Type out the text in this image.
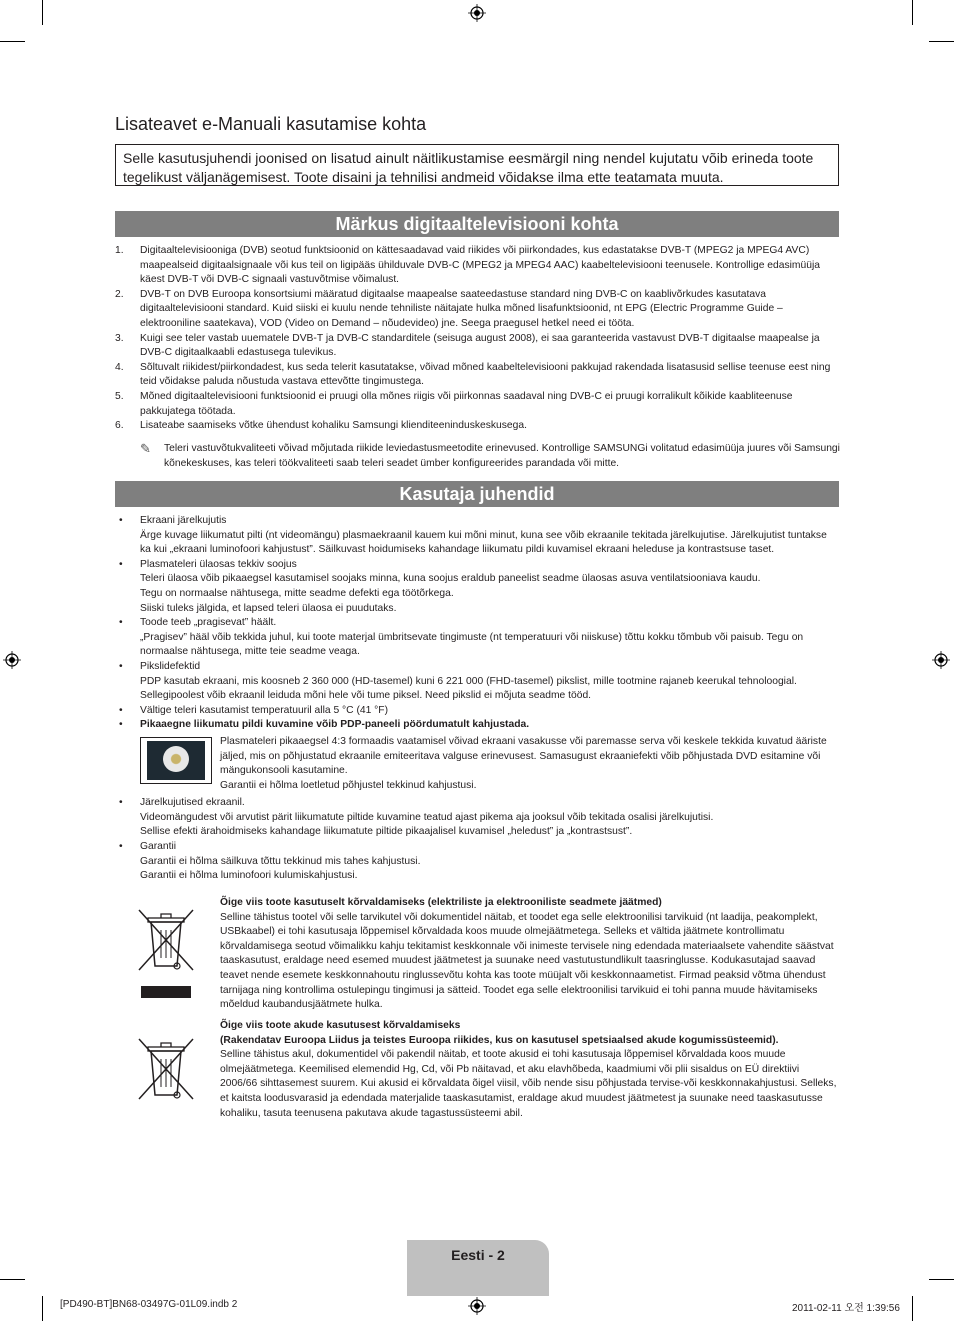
Lisateavet e-Manuali kasutamise kohta
Selle kasutusjuhendi joonised on lisatud ainult näitlikustamise eesmärgil ning nendel kujutatu võib erineda toote tegelikust väljanägemisest. Toote disaini ja tehnilisi andmeid võidakse ilma ette teatamata muuta.
Märkus digitaaltelevisiooni kohta
1.	Digitaaltelevisiooniga (DVB) seotud funktsioonid on kättesaadavad vaid riikides või piirkondades, kus edastatakse DVB-T (MPEG2 ja MPEG4 AVC) maapealseid digitaalsignaale või kus teil on ligipääs ühilduvale DVB-C (MPEG2 ja MPEG4 AAC) kaabeltelevisiooni teenusele. Kontrollige edasimüüja käest DVB-T või DVB-C signaali vastuvõtmise võimalust.
2.	DVB-T on DVB Euroopa konsortsiumi määratud digitaalse maapealse saateedastuse standard ning DVB-C on kaablivõrkudes kasutatava digitaaltelevisiooni standard. Kuid siiski ei kuulu nende tehniliste näitajate hulka mõned lisafunktsioonid, nt EPG (Electric Programme Guide – elektrooniline saatekava), VOD (Video on Demand – nõudevideo) jne. Seega praegusel hetkel need ei tööta.
3.	Kuigi see teler vastab uuematele DVB-T ja DVB-C standarditele (seisuga august 2008), ei saa garanteerida vastavust DVB-T digitaalse maapealse ja DVB-C digitaalkaabli edastusega tulevikus.
4.	Sõltuvalt riikidest/piirkondadest, kus seda telerit kasutatakse, võivad mõned kaabeltelevisiooni pakkujad rakendada lisatasusid sellise teenuse eest ning teid võidakse paluda nõustuda vastava ettevõtte tingimustega.
5.	Mõned digitaaltelevisiooni funktsioonid ei pruugi olla mõnes riigis või piirkonnas saadaval ning DVB-C ei pruugi korralikult kõikide kaabliteenuse pakkujatega töötada.
6.	Lisateabe saamiseks võtke ühendust kohaliku Samsungi klienditeeninduskeskusega.
✎	Teleri vastuvõtukvaliteeti võivad mõjutada riikide leviedastusmeetodite erinevused. Kontrollige SAMSUNGi volitatud edasimüüja juures või Samsungi kõnekeskuses, kas teleri töökvaliteeti saab teleri seadet ümber konfigureerides parandada või mitte.
Kasutaja juhendid
•	Ekraani järelkujutis
Ärge kuvage liikumatut pilti (nt videomängu) plasmaekraanil kauem kui mõni minut, kuna see võib ekraanile tekitada järelkujutise. Järelkujutist tuntakse ka kui „ekraani luminofoori kahjustust”. Säilkuvast hoidumiseks kahandage liikumatu pildi kuvamisel ekraani heleduse ja kontrastsuse taset.
•	Plasmateleri ülaosas tekkiv soojus
Teleri ülaosa võib pikaaegsel kasutamisel soojaks minna, kuna soojus eraldub paneelist seadme ülaosas asuva ventilatsiooniava kaudu.
Tegu on normaalse nähtusega, mitte seadme defekti ega töötõrkega.
Siiski tuleks jälgida, et lapsed teleri ülaosa ei puudutaks.
•	Toode teeb „pragisevat” häält.
„Pragisev” hääl võib tekkida juhul, kui toote materjal ümbritsevate tingimuste (nt temperatuuri või niiskuse) tõttu kokku tõmbub või paisub. Tegu on normaalse nähtusega, mitte teie seadme veaga.
•	Pikslidefektid
PDP kasutab ekraani, mis koosneb 2 360 000 (HD-tasemel) kuni 6 221 000 (FHD-tasemel) pikslist, mille tootmine rajaneb keerukal tehnoloogial. Sellegipoolest võib ekraanil leiduda mõni hele või tume piksel. Need pikslid ei mõjuta seadme tööd.
•	Vältige teleri kasutamist temperatuuril alla 5 °C (41 °F)
•	Pikaaegne liikumatu pildi kuvamine võib PDP-paneeli pöördumatult kahjustada.
Plasmateleri pikaaegsel 4:3 formaadis vaatamisel võivad ekraani vasakusse või paremasse serva või keskele tekkida kuvatud ääriste jäljed, mis on põhjustatud ekraanile emiteeritava valguse erinevusest. Samasugust ekraaniefekti võib põhjustada DVD esitamine või mängukonsooli kasutamine.
Garantii ei hõlma loetletud põhjustel tekkinud kahjustusi.
•	Järelkujutised ekraanil.
Videomängudest või arvutist pärit liikumatute piltide kuvamine teatud ajast pikema aja jooksul võib tekitada osalisi järelkujutisi.
Sellise efekti ärahoidmiseks kahandage liikumatute piltide pikaajalisel kuvamisel „heledust” ja „kontrastsust”.
•	Garantii
Garantii ei hõlma säilkuva tõttu tekkinud mis tahes kahjustusi.
Garantii ei hõlma luminofoori kulumiskahjustusi.
Õige viis toote kasutuselt kõrvaldamiseks (elektriliste ja elektrooniliste seadmete jäätmed)
Selline tähistus tootel või selle tarvikutel või dokumentidel näitab, et toodet ega selle elektroonilisi tarvikuid (nt laadija, peakomplekt, USBkaabel) ei tohi kasutusaja lõppemisel kõrvaldada koos muude olmejäätmetega. Selleks et vältida jäätmete kontrollimatu kõrvaldamisega seotud võimalikku kahju tekitamist keskkonnale või inimeste tervisele ning edendada materiaalsete vahendite säästvat taaskasutust, eraldage need esemed muudest jäätmetest ja suunake need vastutustundlikult taasringlusse. Kodukasutajad saavad teavet nende esemete keskkonnahoutu ringlussevõtu kohta kas toote müüjalt või keskkonnaametist. Firmad peaksid võtma ühendust tarnijaga ning kontrollima ostulepingu tingimusi ja sätteid. Toodet ega selle elektroonilisi tarvikuid ei tohi panna muude hävitamiseks mõeldud kaubandusjäätmete hulka.
Õige viis toote akude kasutusest kõrvaldamiseks
(Rakendatav Euroopa Liidus ja teistes Euroopa riikides, kus on kasutusel spetsiaalsed akude kogumissüsteemid).
Selline tähistus akul, dokumentidel või pakendil näitab, et toote akusid ei tohi kasutusaja lõppemisel kõrvaldada koos muude olmejäätmetega. Keemilised elemendid Hg, Cd, või Pb näitavad, et aku elavhõbeda, kaadmiumi või plii sisaldus on EÜ direktiivi 2006/66 sihttasemest suurem. Kui akusid ei kõrvaldata õigel viisil, võib nende sisu põhjustada tervise-või keskkonnakahjustusi. Selleks, et kaitsta loodusvarasid ja edendada materjalide taaskasutamist, eraldage akud muudest jäätmetest ja suunake need taaskasutusse kohaliku, tasuta teenusena pakutava akude tagastussüsteemi abil.
Eesti - 2
[PD490-BT]BN68-03497G-01L09.indb 2	2011-02-11 오전 1:39:56
